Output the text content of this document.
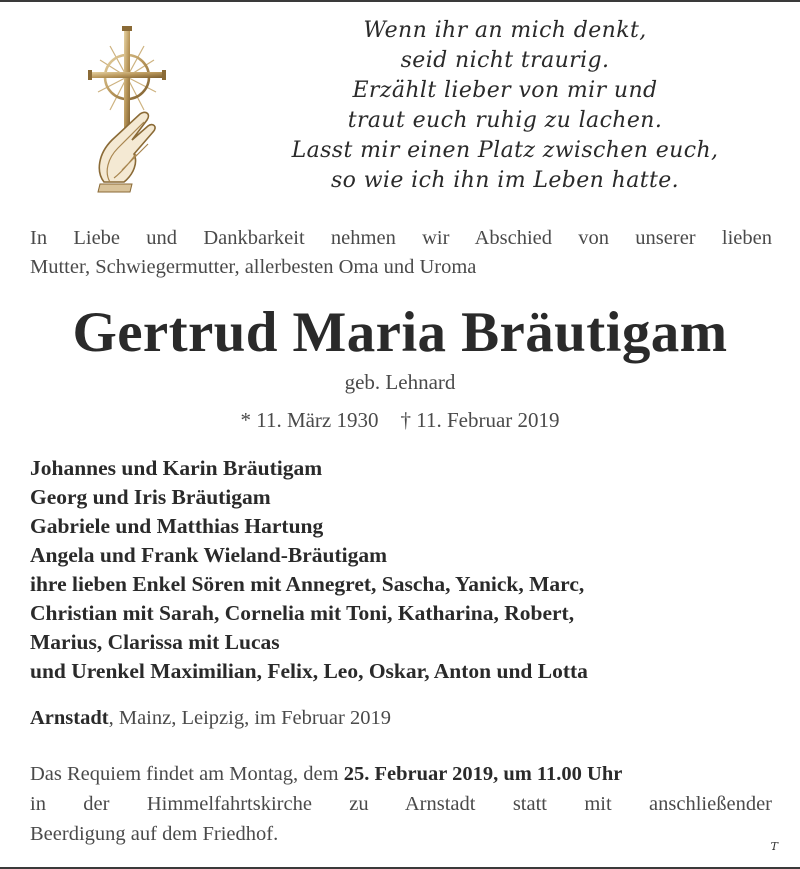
Wenn ihr an mich denkt,
seid nicht traurig.
Erzählt lieber von mir und
traut euch ruhig zu lachen.
Lasst mir einen Platz zwischen euch,
so wie ich ihn im Leben hatte.
In Liebe und Dankbarkeit nehmen wir Abschied von unserer lieben
Mutter, Schwiegermutter, allerbesten Oma und Uroma
Gertrud Maria Bräutigam
geb. Lehnard
* 11. März 1930 † 11. Februar 2019
Johannes und Karin Bräutigam
Georg und Iris Bräutigam
Gabriele und Matthias Hartung
Angela und Frank Wieland-Bräutigam
ihre lieben Enkel Sören mit Annegret, Sascha, Yanick, Marc,
Christian mit Sarah, Cornelia mit Toni, Katharina, Robert,
Marius, Clarissa mit Lucas
und Urenkel Maximilian, Felix, Leo, Oskar, Anton und Lotta
Arnstadt, Mainz, Leipzig, im Februar 2019
Das Requiem findet am Montag, dem 25. Februar 2019, um 11.00 Uhr
in der Himmelfahrtskirche zu Arnstadt statt mit anschließender
Beerdigung auf dem Friedhof.
T
